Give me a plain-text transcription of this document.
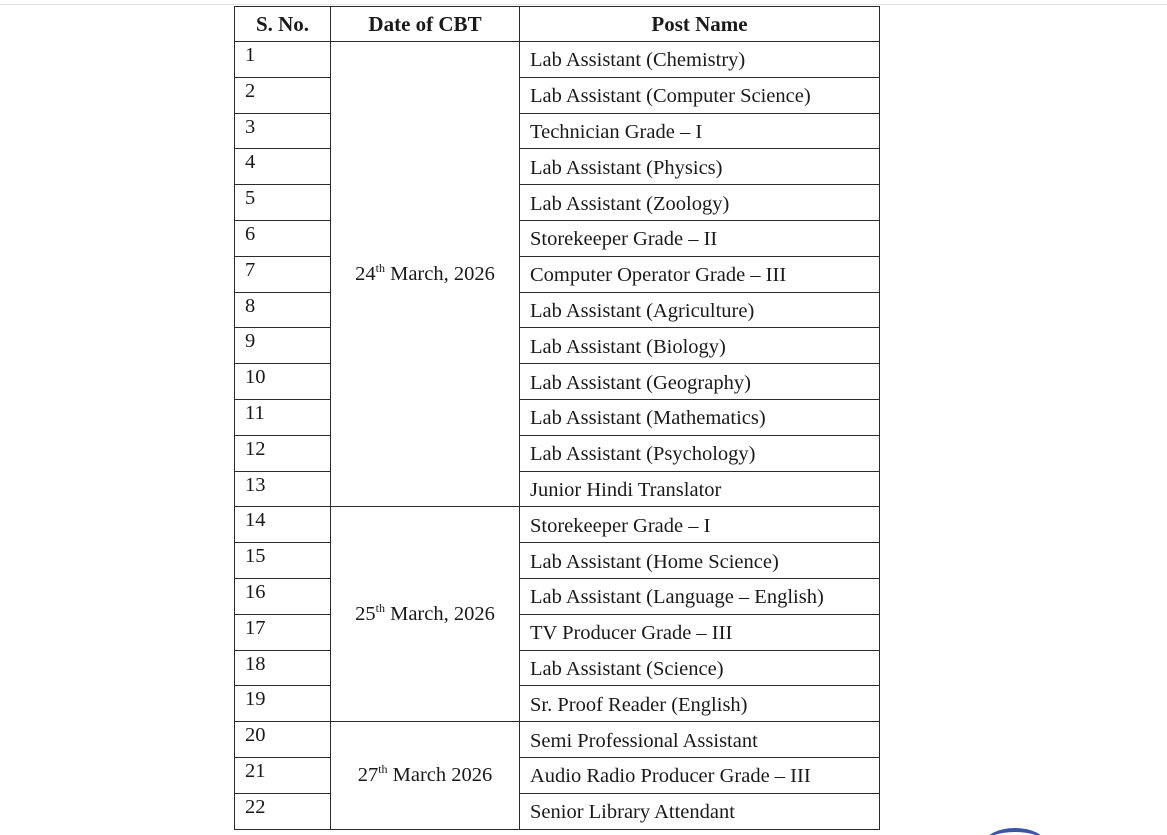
S. No.	Date of CBT	Post Name
1	24th March, 2026	Lab Assistant (Chemistry)
2		Lab Assistant (Computer Science)
3		Technician Grade – I
4		Lab Assistant (Physics)
5		Lab Assistant (Zoology)
6		Storekeeper Grade – II
7		Computer Operator Grade – III
8		Lab Assistant (Agriculture)
9		Lab Assistant (Biology)
10		Lab Assistant (Geography)
11		Lab Assistant (Mathematics)
12		Lab Assistant (Psychology)
13		Junior Hindi Translator
14	25th March, 2026	Storekeeper Grade – I
15		Lab Assistant (Home Science)
16		Lab Assistant (Language – English)
17		TV Producer Grade – III
18		Lab Assistant (Science)
19		Sr. Proof Reader (English)
20	27th March 2026	Semi Professional Assistant
21		Audio Radio Producer Grade – III
22		Senior Library Attendant
